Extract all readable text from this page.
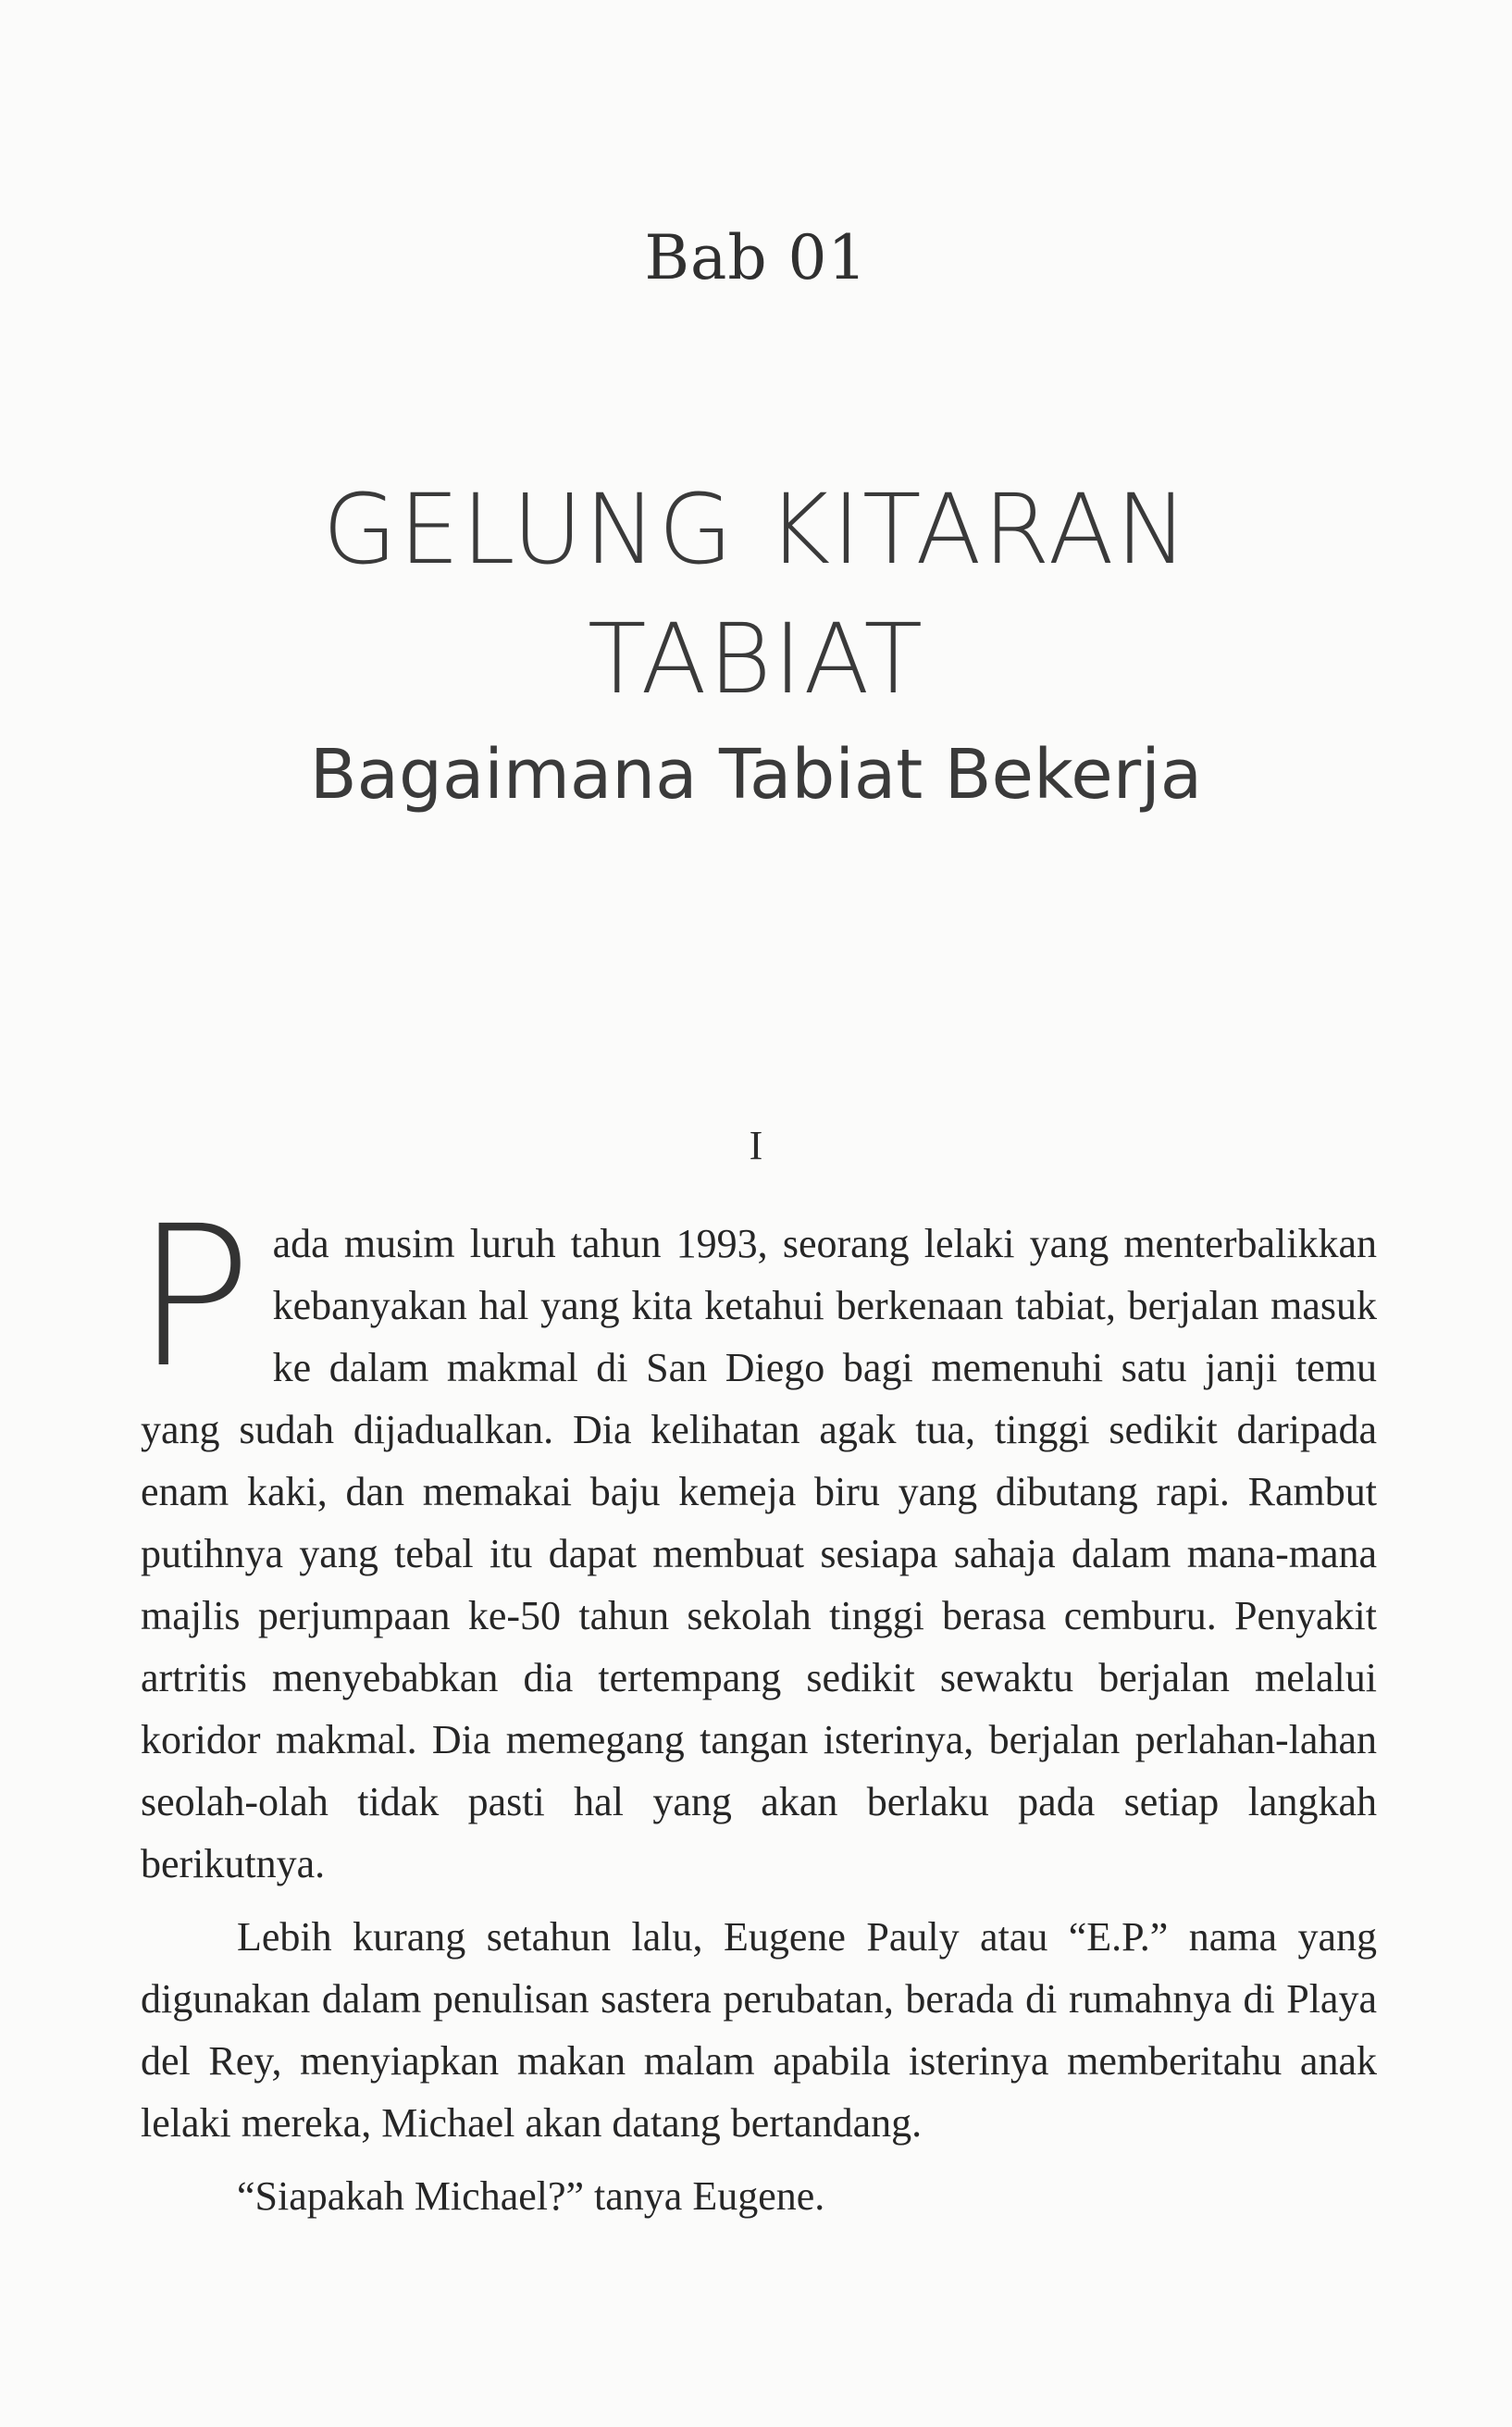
Bab 01
GELUNG KITARAN
TABIAT
Bagaimana Tabiat Bekerja
I

Pada musim luruh tahun 1993, seorang lelaki yang menterbalikkan kebanyakan hal yang kita ketahui berkenaan tabiat, berjalan masuk ke dalam makmal di San Diego bagi memenuhi satu janji temu yang sudah dijadualkan. Dia kelihatan agak tua, tinggi sedikit daripada enam kaki, dan memakai baju kemeja biru yang dibutang rapi. Rambut putihnya yang tebal itu dapat membuat sesiapa sahaja dalam mana-mana majlis perjumpaan ke-50 tahun sekolah tinggi berasa cemburu. Penyakit artritis menyebabkan dia tertempang sedikit sewaktu berjalan melalui koridor makmal. Dia memegang tangan isterinya, berjalan perlahan-lahan seolah-olah tidak pasti hal yang akan berlaku pada setiap langkah berikutnya.

Lebih kurang setahun lalu, Eugene Pauly atau “E.P.” nama yang digunakan dalam penulisan sastera perubatan, berada di rumahnya di Playa del Rey, menyiapkan makan malam apabila isterinya memberitahu anak lelaki mereka, Michael akan datang bertandang.

“Siapakah Michael?” tanya Eugene.
